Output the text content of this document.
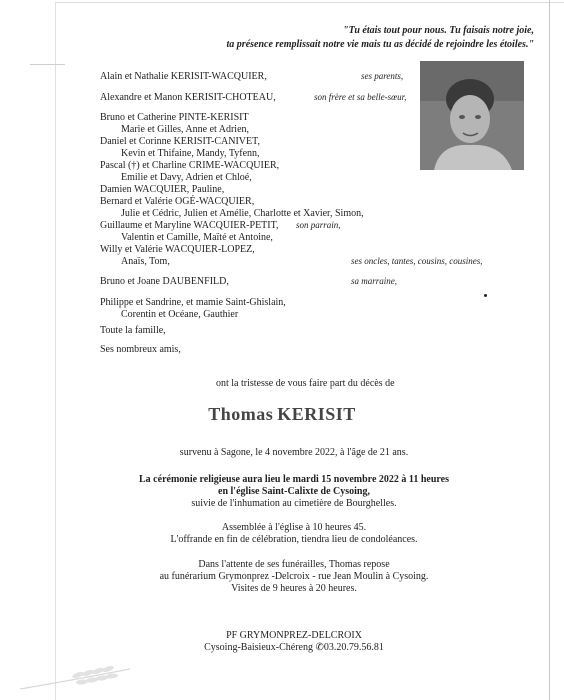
"Tu étais tout pour nous. Tu faisais notre joie,
ta présence remplissait notre vie mais tu as décidé de rejoindre les étoiles."
Alain et Nathalie KERISIT-WACQUIER,	ses parents,
Alexandre et Manon KERISIT-CHOTEAU,	son frère et sa belle-sœur,
Bruno et Catherine PINTE-KERISIT
Marie et Gilles, Anne et Adrien,
Daniel et Corinne KERISIT-CANIVET,
Kevin et Thifaine, Mandy, Tyfenn,
Pascal (†) et Charline CRIME-WACQUIER,
Emilie et Davy, Adrien et Chloé,
Damien WACQUIER, Pauline,
Bernard et Valérie OGÉ-WACQUIER,
Julie et Cédric, Julien et Amélie, Charlotte et Xavier, Simon,
Guillaume et Maryline WACQUIER-PETIT, son parrain,
Valentin et Camille, Maïté et Antoine,
Willy et Valérie WACQUIER-LOPEZ,
Anaïs, Tom,	ses oncles, tantes, cousins, cousines,
Bruno et Joane DAUBENFILD,	sa marraine,
Philippe et Sandrine, et mamie Saint-Ghislain,
Corentin et Océane, Gauthier
Toute la famille,
Ses nombreux amis,
ont la tristesse de vous faire part du décès de
Thomas KERISIT
survenu à Sagone, le 4 novembre 2022, à l'âge de 21 ans.
La cérémonie religieuse aura lieu le mardi 15 novembre 2022 à 11 heures
en l'église Saint-Calixte de Cysoing,
suivie de l'inhumation au cimetière de Bourghelles.
Assemblée à l'église à 10 heures 45.
L'offrande en fin de célébration, tiendra lieu de condoléances.
Dans l'attente de ses funérailles, Thomas repose
au funérarium Grymonprez -Delcroix - rue Jean Moulin à Cysoing.
Visites de 9 heures à 20 heures.
PF GRYMONPREZ-DELCROIX
Cysoing-Baisieux-Chéreng ✆03.20.79.56.81
